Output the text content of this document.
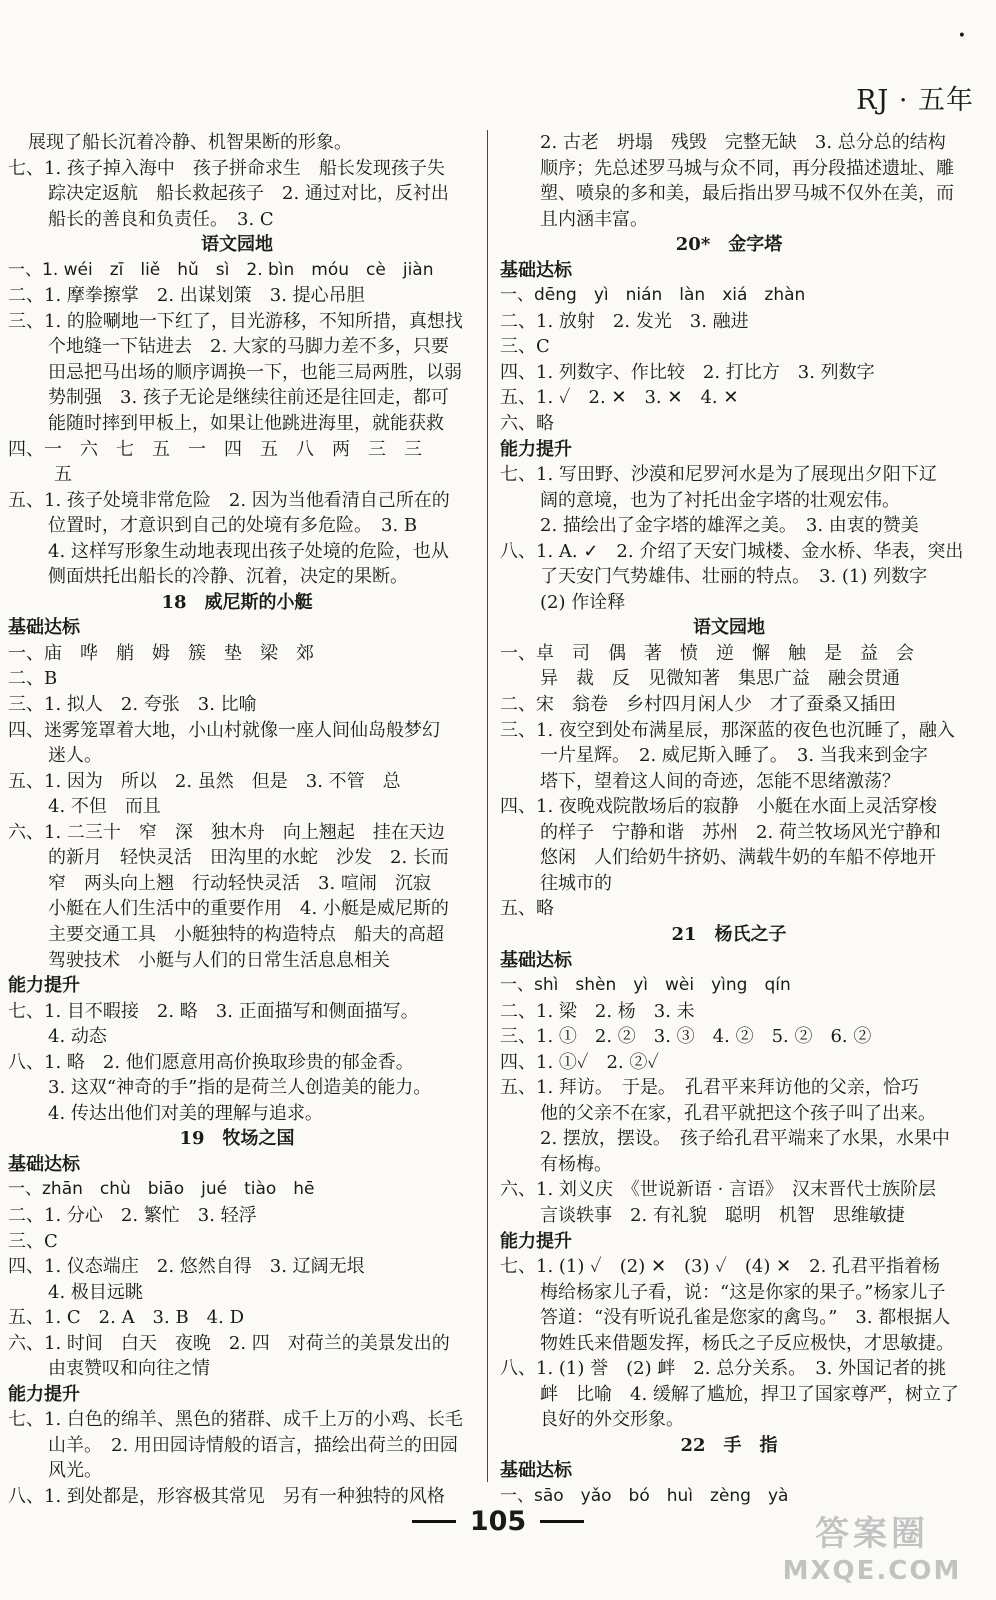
•
RJ · 五年
展现了船长沉着冷静、机智果断的形象。
七、1. 孩子掉入海中　孩子拼命求生　船长发现孩子失
踪决定返航　船长救起孩子　2. 通过对比，反衬出
船长的善良和负责任。　3. C
语文园地
一、1. wéi　zī　liě　hǔ　sì　2. bìn　móu　cè　jiàn
二、1. 摩拳擦掌　2. 出谋划策　3. 提心吊胆
三、1. 的脸唰地一下红了，目光游移，不知所措，真想找
个地缝一下钻进去　2. 大家的马脚力差不多，只要
田忌把马出场的顺序调换一下，也能三局两胜，以弱
势制强　3. 孩子无论是继续往前还是往回走，都可
能随时摔到甲板上，如果让他跳进海里，就能获救
四、一　六　七　五　一　四　五　八　两　三　三
五
五、1. 孩子处境非常危险　2. 因为当他看清自己所在的
位置时，才意识到自己的处境有多危险。　3. B
4. 这样写形象生动地表现出孩子处境的危险，也从
侧面烘托出船长的冷静、沉着，决定的果断。
18　威尼斯的小艇
基础达标
一、庙　哗　艄　姆　簇　垫　梁　郊
二、B
三、1. 拟人　2. 夸张　3. 比喻
四、迷雾笼罩着大地，小山村就像一座人间仙岛般梦幻
迷人。
五、1. 因为　所以　2. 虽然　但是　3. 不管　总
4. 不但　而且
六、1. 二三十　窄　深　独木舟　向上翘起　挂在天边
的新月　轻快灵活　田沟里的水蛇　沙发　2. 长而
窄　两头向上翘　行动轻快灵活　3. 喧闹　沉寂
小艇在人们生活中的重要作用　4. 小艇是威尼斯的
主要交通工具　小艇独特的构造特点　船夫的高超
驾驶技术　小艇与人们的日常生活息息相关
能力提升
七、1. 目不暇接　2. 略　3. 正面描写和侧面描写。
4. 动态
八、1. 略　2. 他们愿意用高价换取珍贵的郁金香。
3. 这双“神奇的手”指的是荷兰人创造美的能力。
4. 传达出他们对美的理解与追求。
19　牧场之国
基础达标
一、zhān　chù　biāo　jué　tiào　hē
二、1. 分心　2. 繁忙　3. 轻浮
三、C
四、1. 仪态端庄　2. 悠然自得　3. 辽阔无垠
4. 极目远眺
五、1. C　2. A　3. B　4. D
六、1. 时间　白天　夜晚　2. 四　对荷兰的美景发出的
由衷赞叹和向往之情
能力提升
七、1. 白色的绵羊、黑色的猪群、成千上万的小鸡、长毛
山羊。　2. 用田园诗情般的语言，描绘出荷兰的田园
风光。
八、1. 到处都是，形容极其常见　另有一种独特的风格
2. 古老　坍塌　残毁　完整无缺　3. 总分总的结构
顺序；先总述罗马城与众不同，再分段描述遗址、雕
塑、喷泉的多和美，最后指出罗马城不仅外在美，而
且内涵丰富。
20*　金字塔
基础达标
一、dēng　yì　nián　làn　xiá　zhàn
二、1. 放射　2. 发光　3. 融进
三、C
四、1. 列数字、作比较　2. 打比方　3. 列数字
五、1. ✓　2. ✕　3. ✕　4. ✕
六、略
能力提升
七、1. 写田野、沙漠和尼罗河水是为了展现出夕阳下辽
阔的意境，也为了衬托出金字塔的壮观宏伟。
2. 描绘出了金字塔的雄浑之美。　3. 由衷的赞美
八、1. A. ✓　2. 介绍了天安门城楼、金水桥、华表，突出
了天安门气势雄伟、壮丽的特点。　3. (1) 列数字
(2) 作诠释
语文园地
一、卓　司　偶　著　愤　逆　懈　触　是　益　会
异　裁　反　见微知著　集思广益　融会贯通
二、宋　翁卷　乡村四月闲人少　才了蚕桑又插田
三、1. 夜空到处布满星辰，那深蓝的夜色也沉睡了，融入
一片星辉。　2. 威尼斯入睡了。　3. 当我来到金字
塔下，望着这人间的奇迹，怎能不思绪激荡？
四、1. 夜晚戏院散场后的寂静　小艇在水面上灵活穿梭
的样子　宁静和谐　苏州　2. 荷兰牧场风光宁静和
悠闲　人们给奶牛挤奶、满载牛奶的车船不停地开
往城市的
五、略
21　杨氏之子
基础达标
一、shì　shèn　yì　wèi　yìng　qín
二、1. 梁　2. 杨　3. 未
三、1. ①　2. ②　3. ③　4. ②　5. ②　6. ②
四、1. ①✓　2. ②✓
五、1. 拜访。　于是。　孔君平来拜访他的父亲，恰巧
他的父亲不在家，孔君平就把这个孩子叫了出来。
2. 摆放，摆设。　孩子给孔君平端来了水果，水果中
有杨梅。
六、1. 刘义庆　《世说新语 · 言语》　汉末晋代士族阶层
言谈轶事　2. 有礼貌　聪明　机智　思维敏捷
能力提升
七、1. (1) ✓　(2) ✕　(3) ✓　(4) ✕　2. 孔君平指着杨
梅给杨家儿子看，说：“这是你家的果子。”杨家儿子
答道：“没有听说孔雀是您家的禽鸟。”　3. 都根据人
物姓氏来借题发挥，杨氏之子反应极快，才思敏捷。
八、1. (1) 誉　(2) 衅　2. 总分关系。　3. 外国记者的挑
衅　比喻　4. 缓解了尴尬，捍卫了国家尊严，树立了
良好的外交形象。
22　手　指
基础达标
一、sāo　yǎo　bó　huì　zèng　yà
105	答案圈
MXQE.COM
